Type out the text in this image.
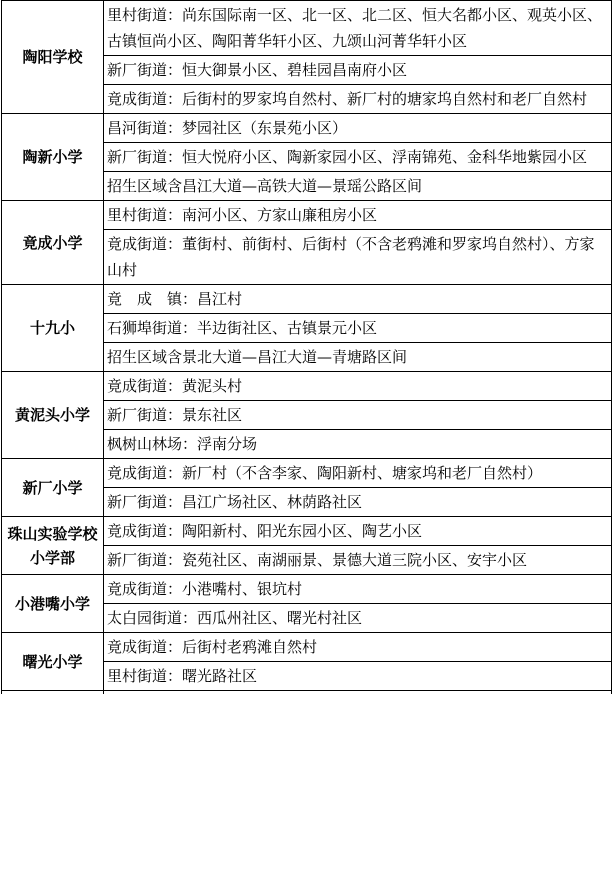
陶阳学校	里村街道：尚东国际南一区、北一区、北二区、恒大名都小区、观英小区、古镇恒尚小区、陶阳菁华轩小区、九颂山河菁华轩小区
	新厂街道：恒大御景小区、碧桂园昌南府小区
	竟成街道：后街村的罗家坞自然村、新厂村的塘家坞自然村和老厂自然村
陶新小学	昌河街道：梦园社区（东景苑小区）
	新厂街道：恒大悦府小区、陶新家园小区、浮南锦苑、金科华地紫园小区
	招生区域含昌江大道—高铁大道—景瑶公路区间
竟成小学	里村街道：南河小区、方家山廉租房小区
	竟成街道：董街村、前街村、后街村（不含老鸦滩和罗家坞自然村）、方家山村
十九小	竟　成　镇：昌江村
	石狮埠街道：半边街社区、古镇景元小区
	招生区域含景北大道—昌江大道—青塘路区间
黄泥头小学	竟成街道：黄泥头村
	新厂街道：景东社区
	枫树山林场：浮南分场
新厂小学	竟成街道：新厂村（不含李家、陶阳新村、塘家坞和老厂自然村）
	新厂街道：昌江广场社区、林荫路社区
珠山实验学校小学部	竟成街道：陶阳新村、阳光东园小区、陶艺小区
	新厂街道：瓷苑社区、南湖丽景、景德大道三院小区、安宇小区
小港嘴小学	竟成街道：小港嘴村、银坑村
	太白园街道：西瓜州社区、曙光村社区
曙光小学	竟成街道：后街村老鸦滩自然村
	里村街道：曙光路社区
